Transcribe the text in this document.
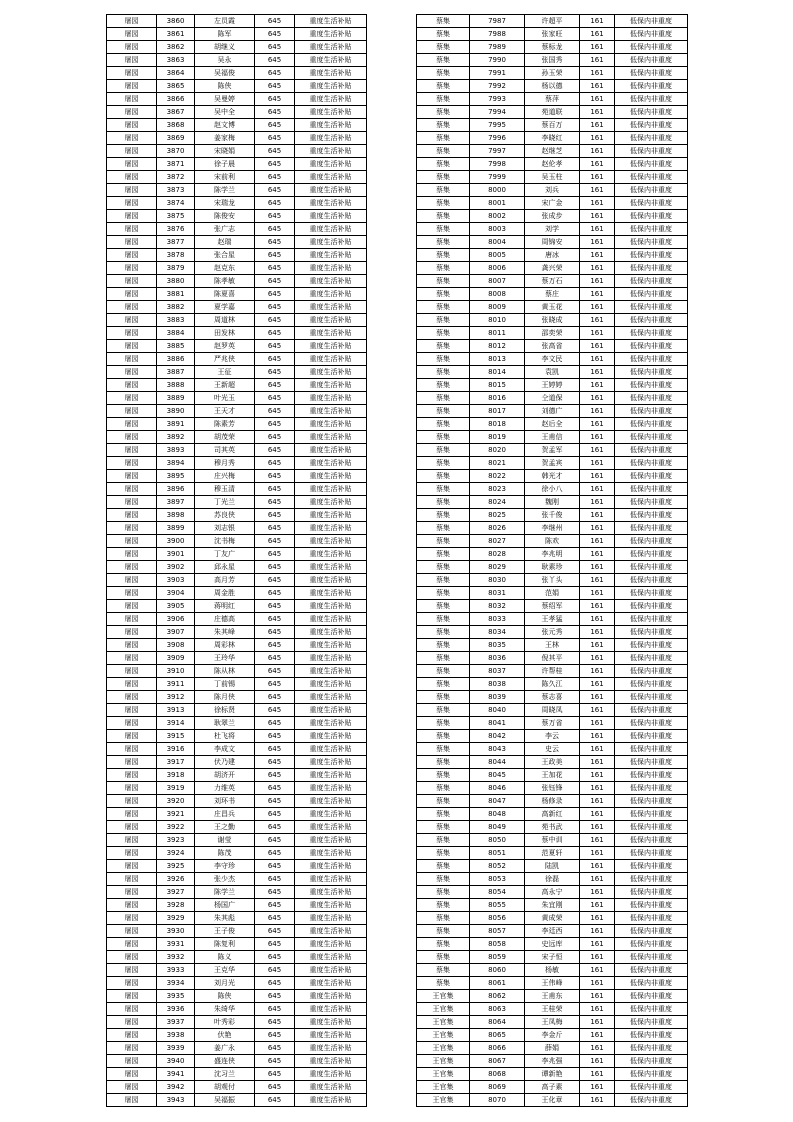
屠园	3860	左员霞	645	重度生活补贴
屠园	3861	陈军	645	重度生活补贴
屠园	3862	胡继义	645	重度生活补贴
屠园	3863	吴永	645	重度生活补贴
屠园	3864	吴福俊	645	重度生活补贴
屠园	3865	陈侠	645	重度生活补贴
屠园	3866	吴曼婷	645	重度生活补贴
屠园	3867	吴中全	645	重度生活补贴
屠园	3868	赵文博	645	重度生活补贴
屠园	3869	姜家梅	645	重度生活补贴
屠园	3870	宋晓娟	645	重度生活补贴
屠园	3871	徐子晨	645	重度生活补贴
屠园	3872	宋前利	645	重度生活补贴
屠园	3873	陈学兰	645	重度生活补贴
屠园	3874	宋瑞龙	645	重度生活补贴
屠园	3875	陈俊安	645	重度生活补贴
屠园	3876	张广志	645	重度生活补贴
屠园	3877	赵瑞	645	重度生活补贴
屠园	3878	张合星	645	重度生活补贴
屠园	3879	赵克东	645	重度生活补贴
屠园	3880	陈孝敏	645	重度生活补贴
屠园	3881	陈夏喜	645	重度生活补贴
屠园	3882	夏学嘉	645	重度生活补贴
屠园	3883	周道林	645	重度生活补贴
屠园	3884	田发林	645	重度生活补贴
屠园	3885	赵罗英	645	重度生活补贴
屠园	3886	严兆侠	645	重度生活补贴
屠园	3887	王征	645	重度生活补贴
屠园	3888	王新超	645	重度生活补贴
屠园	3889	叶光玉	645	重度生活补贴
屠园	3890	王天才	645	重度生活补贴
屠园	3891	陈素芳	645	重度生活补贴
屠园	3892	胡茂荣	645	重度生活补贴
屠园	3893	司其英	645	重度生活补贴
屠园	3894	穆月秀	645	重度生活补贴
屠园	3895	庄兴梅	645	重度生活补贴
屠园	3896	穆玉清	645	重度生活补贴
屠园	3897	丁光兰	645	重度生活补贴
屠园	3898	苏良侠	645	重度生活补贴
屠园	3899	刘志银	645	重度生活补贴
屠园	3900	沈书梅	645	重度生活补贴
屠园	3901	丁友广	645	重度生活补贴
屠园	3902	邱永星	645	重度生活补贴
屠园	3903	高月芳	645	重度生活补贴
屠园	3904	周金胜	645	重度生活补贴
屠园	3905	蒋明红	645	重度生活补贴
屠园	3906	庄德高	645	重度生活补贴
屠园	3907	朱其峰	645	重度生活补贴
屠园	3908	周彩林	645	重度生活补贴
屠园	3909	王玲华	645	重度生活补贴
屠园	3910	陈从林	645	重度生活补贴
屠园	3911	丁前锡	645	重度生活补贴
屠园	3912	陈月侠	645	重度生活补贴
屠园	3913	徐标贤	645	重度生活补贴
屠园	3914	耿翠兰	645	重度生活补贴
屠园	3915	杜飞将	645	重度生活补贴
屠园	3916	李成文	645	重度生活补贴
屠园	3917	伏乃建	645	重度生活补贴
屠园	3918	胡济开	645	重度生活补贴
屠园	3919	力维英	645	重度生活补贴
屠园	3920	刘环书	645	重度生活补贴
屠园	3921	庄昌兵	645	重度生活补贴
屠园	3922	王之勤	645	重度生活补贴
屠园	3923	谢莹	645	重度生活补贴
屠园	3924	陈茂	645	重度生活补贴
屠园	3925	李守珍	645	重度生活补贴
屠园	3926	张少杰	645	重度生活补贴
屠园	3927	陈学兰	645	重度生活补贴
屠园	3928	杨国广	645	重度生活补贴
屠园	3929	朱其彪	645	重度生活补贴
屠园	3930	王子俊	645	重度生活补贴
屠园	3931	陈复利	645	重度生活补贴
屠园	3932	陈义	645	重度生活补贴
屠园	3933	王克华	645	重度生活补贴
屠园	3934	刘月光	645	重度生活补贴
屠园	3935	陈侠	645	重度生活补贴
屠园	3936	朱绮华	645	重度生活补贴
屠园	3937	叶秀彩	645	重度生活补贴
屠园	3938	伏艳	645	重度生活补贴
屠园	3939	姜广永	645	重度生活补贴
屠园	3940	盛连侠	645	重度生活补贴
屠园	3941	沈习兰	645	重度生活补贴
屠园	3942	胡观付	645	重度生活补贴
屠园	3943	吴福振	645	重度生活补贴
蔡集	7987	许超平	161	低保内非重度
蔡集	7988	张家旺	161	低保内非重度
蔡集	7989	蔡标龙	161	低保内非重度
蔡集	7990	张国秀	161	低保内非重度
蔡集	7991	孙玉荣	161	低保内非重度
蔡集	7992	杨以德	161	低保内非重度
蔡集	7993	蔡萍	161	低保内非重度
蔡集	7994	苑道联	161	低保内非重度
蔡集	7995	蔡百万	161	低保内非重度
蔡集	7996	李晓红	161	低保内非重度
蔡集	7997	赵继芝	161	低保内非重度
蔡集	7998	赵伦孝	161	低保内非重度
蔡集	7999	吴玉柱	161	低保内非重度
蔡集	8000	刘兵	161	低保内非重度
蔡集	8001	宋广金	161	低保内非重度
蔡集	8002	张成步	161	低保内非重度
蔡集	8003	刘学	161	低保内非重度
蔡集	8004	周锦安	161	低保内非重度
蔡集	8005	唐冰	161	低保内非重度
蔡集	8006	龚兴荣	161	低保内非重度
蔡集	8007	蔡万石	161	低保内非重度
蔡集	8008	蔡庄	161	低保内非重度
蔡集	8009	黄玉花	161	低保内非重度
蔡集	8010	张晓成	161	低保内非重度
蔡集	8011	邵奕荣	161	低保内非重度
蔡集	8012	张高省	161	低保内非重度
蔡集	8013	李文民	161	低保内非重度
蔡集	8014	袁凯	161	低保内非重度
蔡集	8015	王婷婷	161	低保内非重度
蔡集	8016	仝道保	161	低保内非重度
蔡集	8017	刘德广	161	低保内非重度
蔡集	8018	赵后全	161	低保内非重度
蔡集	8019	王甫信	161	低保内非重度
蔡集	8020	贺孟军	161	低保内非重度
蔡集	8021	贺孟宾	161	低保内非重度
蔡集	8022	韩光才	161	低保内非重度
蔡集	8023	徐小八	161	低保内非重度
蔡集	8024	魏刚	161	低保内非重度
蔡集	8025	张千俊	161	低保内非重度
蔡集	8026	李继州	161	低保内非重度
蔡集	8027	陈欢	161	低保内非重度
蔡集	8028	李兆明	161	低保内非重度
蔡集	8029	耿素珍	161	低保内非重度
蔡集	8030	张丫头	161	低保内非重度
蔡集	8031	范娟	161	低保内非重度
蔡集	8032	蔡绍军	161	低保内非重度
蔡集	8033	王孝猛	161	低保内非重度
蔡集	8034	张元秀	161	低保内非重度
蔡集	8035	王林	161	低保内非重度
蔡集	8036	倪其平	161	低保内非重度
蔡集	8037	许帮桂	161	低保内非重度
蔡集	8038	陈久江	161	低保内非重度
蔡集	8039	蔡志喜	161	低保内非重度
蔡集	8040	周晓凤	161	低保内非重度
蔡集	8041	蔡万省	161	低保内非重度
蔡集	8042	李云	161	低保内非重度
蔡集	8043	史云	161	低保内非重度
蔡集	8044	王政美	161	低保内非重度
蔡集	8045	王加花	161	低保内非重度
蔡集	8046	张钰锋	161	低保内非重度
蔡集	8047	杨修录	161	低保内非重度
蔡集	8048	高新红	161	低保内非重度
蔡集	8049	苑书武	161	低保内非重度
蔡集	8050	蔡中训	161	低保内非重度
蔡集	8051	范夏轩	161	低保内非重度
蔡集	8052	陆凯	161	低保内非重度
蔡集	8053	徐磊	161	低保内非重度
蔡集	8054	高永宁	161	低保内非重度
蔡集	8055	朱宜刚	161	低保内非重度
蔡集	8056	黄成荣	161	低保内非重度
蔡集	8057	李廷西	161	低保内非重度
蔡集	8058	史远库	161	低保内非重度
蔡集	8059	宋子恒	161	低保内非重度
蔡集	8060	杨敏	161	低保内非重度
蔡集	8061	王伟峰	161	低保内非重度
王官集	8062	王甫东	161	低保内非重度
王官集	8063	王桂荣	161	低保内非重度
王官集	8064	王凤梅	161	低保内非重度
王官集	8065	李金斤	161	低保内非重度
王官集	8066	薛娟	161	低保内非重度
王官集	8067	李兆强	161	低保内非重度
王官集	8068	谭新艳	161	低保内非重度
王官集	8069	高子素	161	低保内非重度
王官集	8070	王化章	161	低保内非重度
